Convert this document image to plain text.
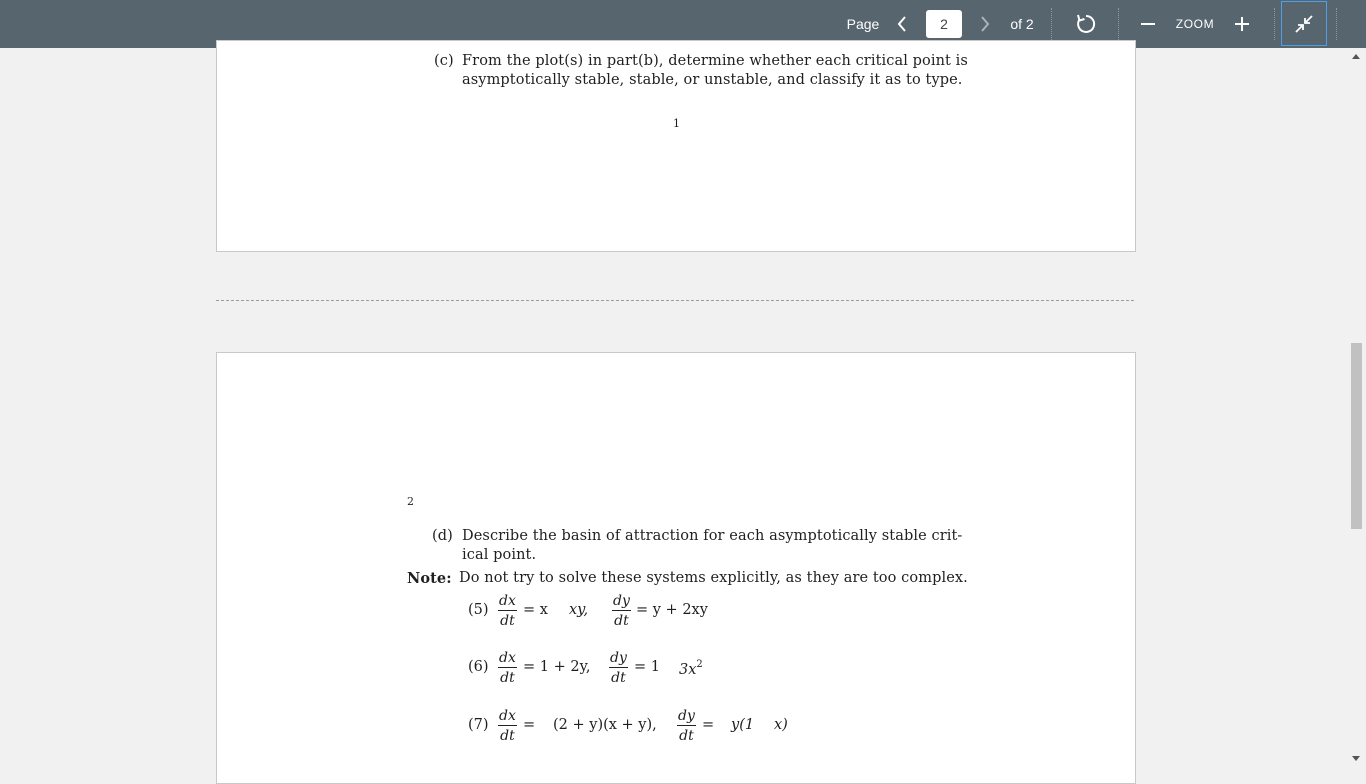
Page
2	of 2	ZOOM
(c) From the plot(s) in part(b), determine whether each critical point is
asymptotically stable, stable, or unstable, and classify it as to type.
1
2
(d) Describe the basin of attraction for each asymptotically stable crit-
ical point.
Note: Do not try to solve these systems explicitly, as they are too complex.
$(5) \frac{dx}{dt} = x$ xy, $\frac{dy}{dt} = y + 2xy$
$(6) \frac{dx}{dt} = 1 + 2y$, $\frac{dy}{dt} = 1$ $3x^2$
$(7) \frac{dx}{dt} = (2 + y)(x + y)$, $\frac{dy}{dt} = y(1$ x)
